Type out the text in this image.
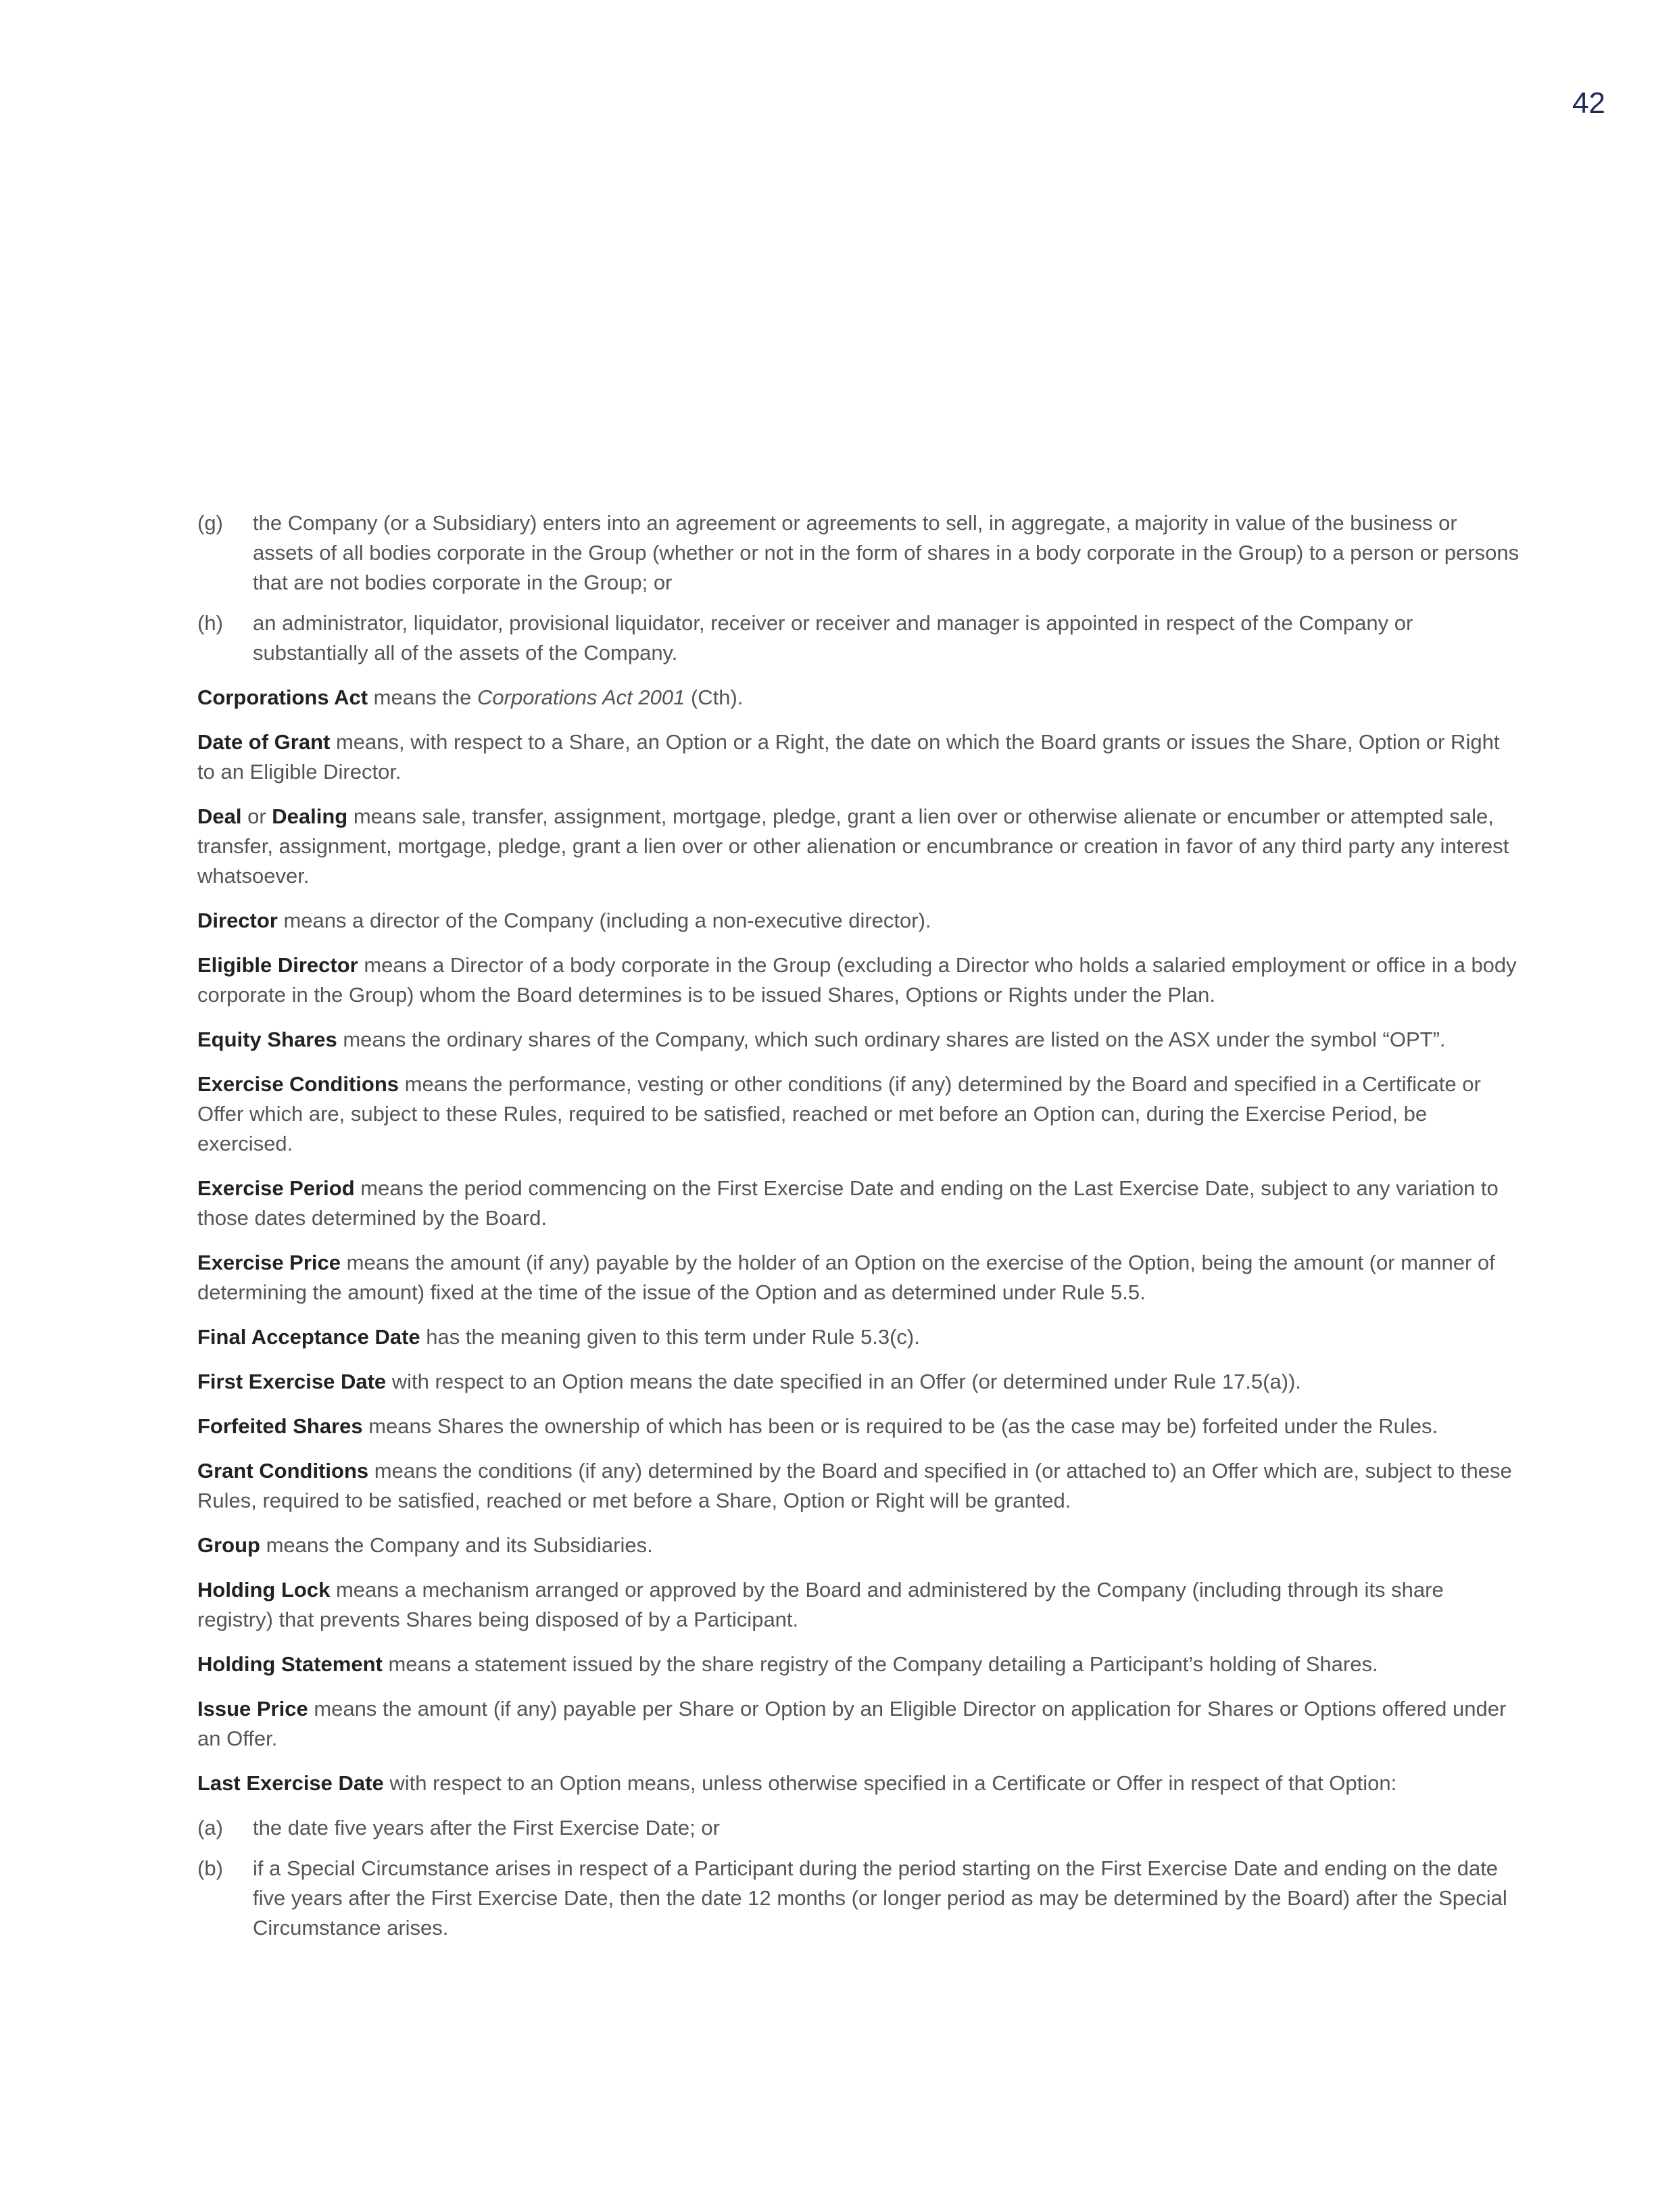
42
(g) the Company (or a Subsidiary) enters into an agreement or agreements to sell, in aggregate, a majority in value of the business or assets of all bodies corporate in the Group (whether or not in the form of shares in a body corporate in the Group) to a person or persons that are not bodies corporate in the Group; or
(h) an administrator, liquidator, provisional liquidator, receiver or receiver and manager is appointed in respect of the Company or substantially all of the assets of the Company.

Corporations Act means the Corporations Act 2001 (Cth).

Date of Grant means, with respect to a Share, an Option or a Right, the date on which the Board grants or issues the Share, Option or Right to an Eligible Director.

Deal or Dealing means sale, transfer, assignment, mortgage, pledge, grant a lien over or otherwise alienate or encumber or attempted sale, transfer, assignment, mortgage, pledge, grant a lien over or other alienation or encumbrance or creation in favor of any third party any interest whatsoever.

Director means a director of the Company (including a non-executive director).

Eligible Director means a Director of a body corporate in the Group (excluding a Director who holds a salaried employment or office in a body corporate in the Group) whom the Board determines is to be issued Shares, Options or Rights under the Plan.

Equity Shares means the ordinary shares of the Company, which such ordinary shares are listed on the ASX under the symbol “OPT”.

Exercise Conditions means the performance, vesting or other conditions (if any) determined by the Board and specified in a Certificate or Offer which are, subject to these Rules, required to be satisfied, reached or met before an Option can, during the Exercise Period, be exercised.

Exercise Period means the period commencing on the First Exercise Date and ending on the Last Exercise Date, subject to any variation to those dates determined by the Board.

Exercise Price means the amount (if any) payable by the holder of an Option on the exercise of the Option, being the amount (or manner of determining the amount) fixed at the time of the issue of the Option and as determined under Rule 5.5.

Final Acceptance Date has the meaning given to this term under Rule 5.3(c).

First Exercise Date with respect to an Option means the date specified in an Offer (or determined under Rule 17.5(a)).

Forfeited Shares means Shares the ownership of which has been or is required to be (as the case may be) forfeited under the Rules.

Grant Conditions means the conditions (if any) determined by the Board and specified in (or attached to) an Offer which are, subject to these Rules, required to be satisfied, reached or met before a Share, Option or Right will be granted.

Group means the Company and its Subsidiaries.

Holding Lock means a mechanism arranged or approved by the Board and administered by the Company (including through its share registry) that prevents Shares being disposed of by a Participant.

Holding Statement means a statement issued by the share registry of the Company detailing a Participant’s holding of Shares.

Issue Price means the amount (if any) payable per Share or Option by an Eligible Director on application for Shares or Options offered under an Offer.

Last Exercise Date with respect to an Option means, unless otherwise specified in a Certificate or Offer in respect of that Option:

(a) the date five years after the First Exercise Date; or
(b) if a Special Circumstance arises in respect of a Participant during the period starting on the First Exercise Date and ending on the date five years after the First Exercise Date, then the date 12 months (or longer period as may be determined by the Board) after the Special Circumstance arises.
